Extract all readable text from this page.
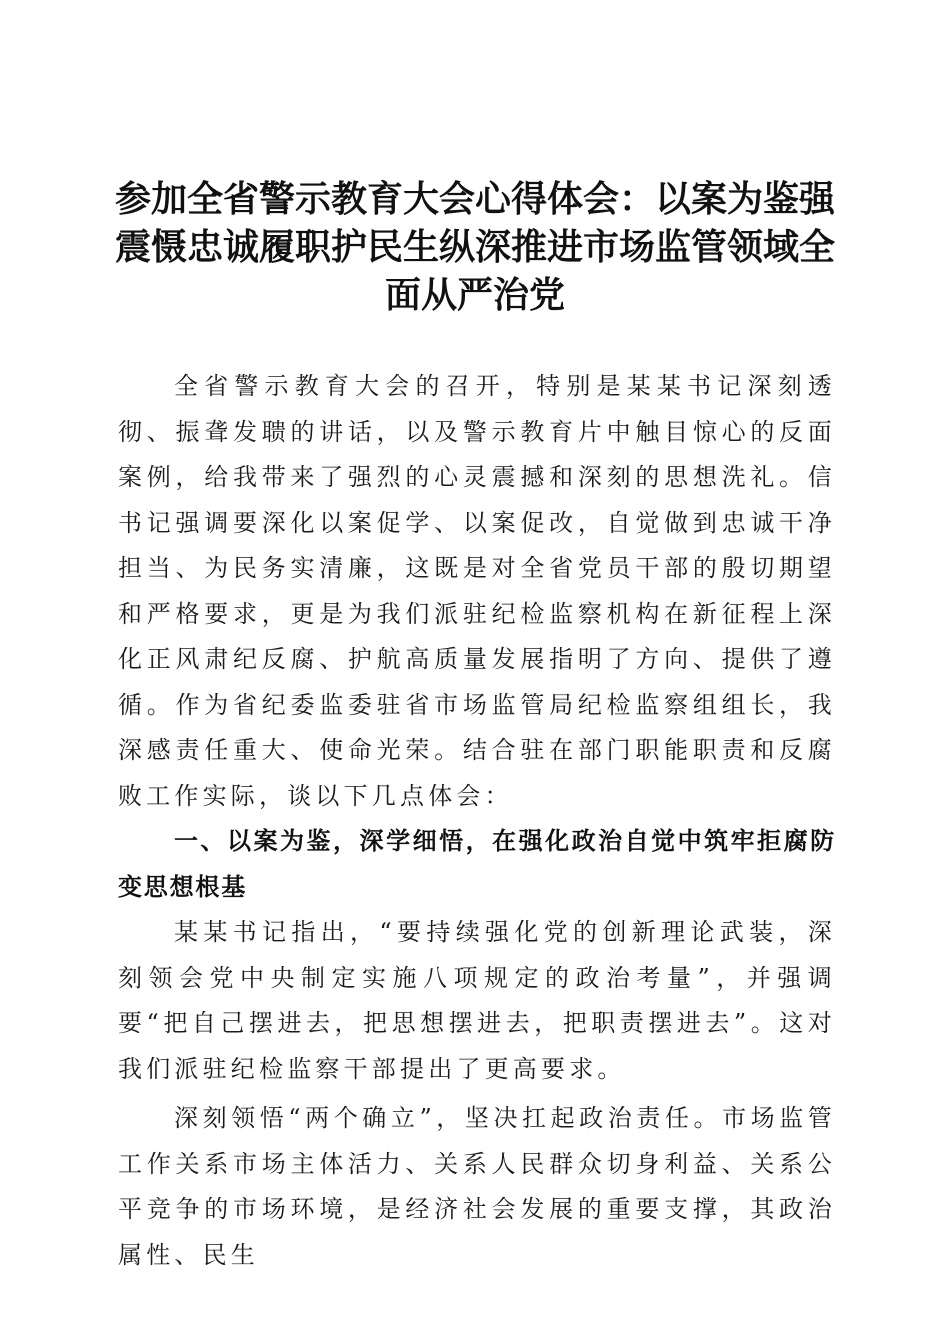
参加全省警示教育大会心得体会：以案为鉴强震慑忠诚履职护民生纵深推进市场监管领域全面从严治党

全省警示教育大会的召开，特别是某某书记深刻透彻、振聋发聩的讲话，以及警示教育片中触目惊心的反面案例，给我带来了强烈的心灵震撼和深刻的思想洗礼。信书记强调要深化以案促学、以案促改，自觉做到忠诚干净担当、为民务实清廉，这既是对全省党员干部的殷切期望和严格要求，更是为我们派驻纪检监察机构在新征程上深化正风肃纪反腐、护航高质量发展指明了方向、提供了遵循。作为省纪委监委驻省市场监管局纪检监察组组长，我深感责任重大、使命光荣。结合驻在部门职能职责和反腐败工作实际，谈以下几点体会：

一、以案为鉴，深学细悟，在强化政治自觉中筑牢拒腐防变思想根基

某某书记指出，“要持续强化党的创新理论武装，深刻领会党中央制定实施八项规定的政治考量”，并强调要“把自己摆进去，把思想摆进去，把职责摆进去”。这对我们派驻纪检监察干部提出了更高要求。

深刻领悟“两个确立”，坚决扛起政治责任。市场监管工作关系市场主体活力、关系人民群众切身利益、关系公平竞争的市场环境，是经济社会发展的重要支撑，其政治属性、民生
